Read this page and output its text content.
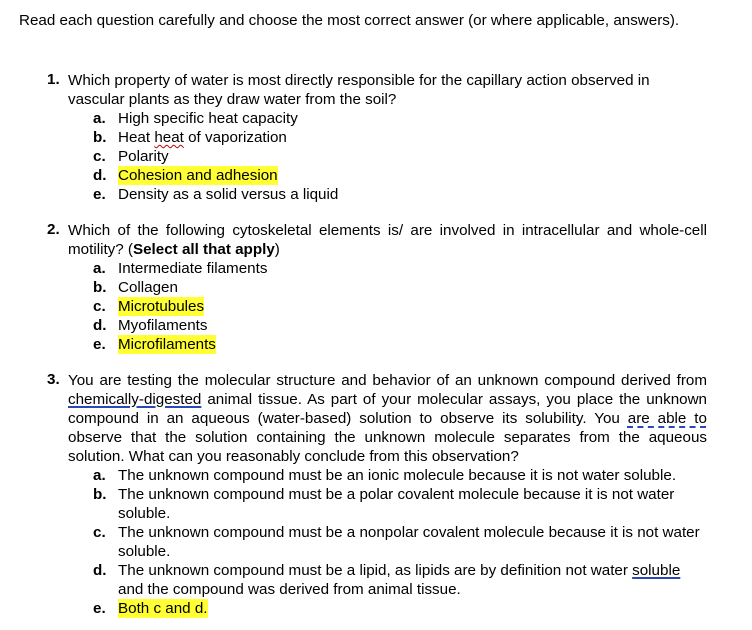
Read each question carefully and choose the most correct answer (or where applicable, answers).
1. Which property of water is most directly responsible for the capillary action observed in vascular plants as they draw water from the soil?
a. High specific heat capacity
b. Heat heat of vaporization
c. Polarity
d. Cohesion and adhesion
e. Density as a solid versus a liquid
2. Which of the following cytoskeletal elements is/ are involved in intracellular and whole-cell motility? (Select all that apply)
a. Intermediate filaments
b. Collagen
c. Microtubules
d. Myofilaments
e. Microfilaments
3. You are testing the molecular structure and behavior of an unknown compound derived from chemically-digested animal tissue. As part of your molecular assays, you place the unknown compound in an aqueous (water-based) solution to observe its solubility. You are able to observe that the solution containing the unknown molecule separates from the aqueous solution. What can you reasonably conclude from this observation?
a. The unknown compound must be an ionic molecule because it is not water soluble.
b. The unknown compound must be a polar covalent molecule because it is not water soluble.
c. The unknown compound must be a nonpolar covalent molecule because it is not water soluble.
d. The unknown compound must be a lipid, as lipids are by definition not water soluble and the compound was derived from animal tissue.
e. Both c and d.
